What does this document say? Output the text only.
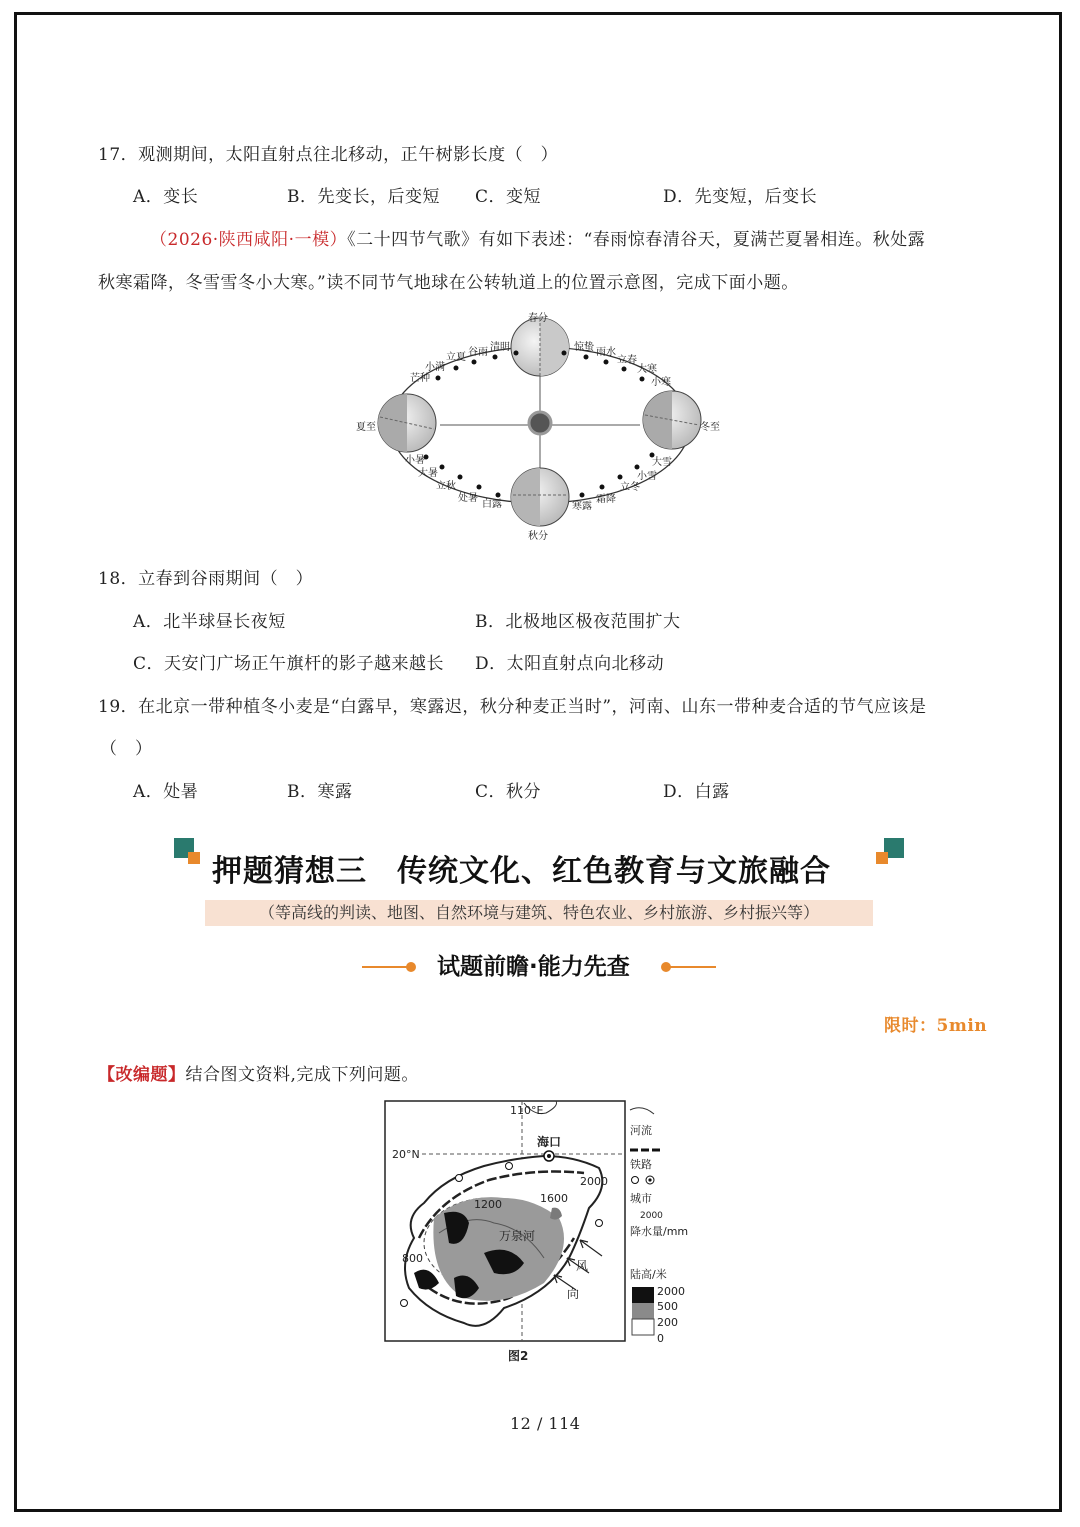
17．观测期间，太阳直射点往北移动，正午树影长度（　）
A．变长	B．先变长，后变短 C．变短	D．先变短，后变长
（2026·陕西咸阳·一模）《二十四节气歌》有如下表述：“春雨惊春清谷天，夏满芒夏暑相连。秋处露
秋寒霜降，冬雪雪冬小大寒。”读不同节气地球在公转轨道上的位置示意图，完成下面小题。
春分
秋分
夏至	冬至
清明
谷雨
立夏
小满
芒种
惊蛰 雨水
立春
大寒
小寒
小暑
大暑
立秋
处暑
白露
大雪
小雪
立冬
霜降
寒露
18．立春到谷雨期间（　）
A．北半球昼长夜短	B．北极地区极夜范围扩大
C．天安门广场正午旗杆的影子越来越长 D．太阳直射点向北移动
19．在北京一带种植冬小麦是“白露早，寒露迟，秋分种麦正当时”，河南、山东一带种麦合适的节气应该是
（　）
A．处暑	B．寒露	C．秋分	D．白露
押题猜想三 传统文化、红色教育与文旅融合
（等高线的判读、地图、自然环境与建筑、特色农业、乡村旅游、乡村振兴等）
试题前瞻·能力先查
限时：5min
【改编题】结合图文资料,完成下列问题。
110°E
20°N
海口
万泉河
1200	1600
2000
800
风
向
图2
河流
铁路
城市
2000
降水量/mm
陆高/米
2000
500
200
0
12 / 114
